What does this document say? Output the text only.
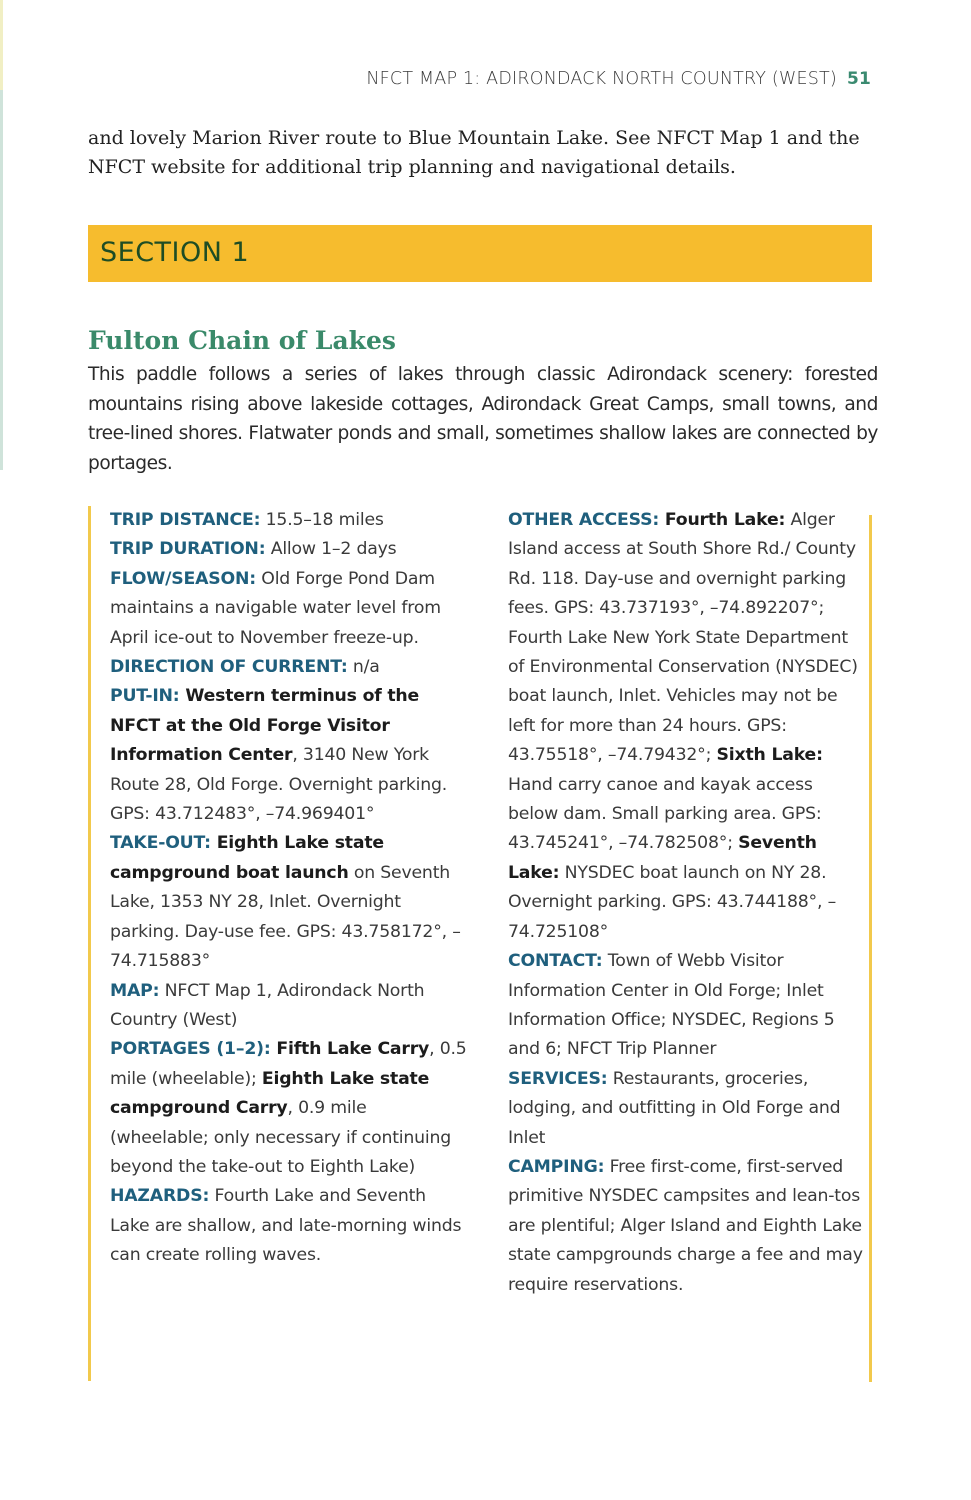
NFCT MAP 1: ADIRONDACK NORTH COUNTRY (WEST) 51

and lovely Marion River route to Blue Mountain Lake. See NFCT Map 1 and the NFCT website for additional trip planning and navigational details.

SECTION 1
Fulton Chain of Lakes

This paddle follows a series of lakes through classic Adirondack scenery: forested mountains rising above lakeside cottages, Adirondack Great Camps, small towns, and tree-lined shores. Flatwater ponds and small, sometimes shallow lakes are connected by portages.

TRIP DISTANCE: 15.5–18 miles

TRIP DURATION: Allow 1–2 days

FLOW/SEASON: Old Forge Pond Dam maintains a navigable water level from April ice-out to November freeze-up.

DIRECTION OF CURRENT: n/a

PUT-IN: Western terminus of the NFCT at the Old Forge Visitor Information Center, 3140 New York Route 28, Old Forge. Overnight parking. GPS: 43.712483°, –74.969401°

TAKE-OUT: Eighth Lake state campground boat launch on Seventh Lake, 1353 NY 28, Inlet. Overnight parking. Day-use fee. GPS: 43.758172°, –74.715883°

MAP: NFCT Map 1, Adirondack North Country (West)

PORTAGES (1–2): Fifth Lake Carry, 0.5 mile (wheelable); Eighth Lake state campground Carry, 0.9 mile (wheelable; only necessary if continuing beyond the take-out to Eighth Lake)

HAZARDS: Fourth Lake and Seventh Lake are shallow, and late-morning winds can create rolling waves.

OTHER ACCESS: Fourth Lake: Alger Island access at South Shore Rd./ County Rd. 118. Day-use and overnight parking fees. GPS: 43.737193°, –74.892207°; Fourth Lake New York State Department of Environmental Conservation (NYSDEC) boat launch, Inlet. Vehicles may not be left for more than 24 hours. GPS: 43.75518°, –74.79432°; Sixth Lake: Hand carry canoe and kayak access below dam. Small parking area. GPS: 43.745241°, –74.782508°; Seventh Lake: NYSDEC boat launch on NY 28. Overnight parking. GPS: 43.744188°, –74.725108°

CONTACT: Town of Webb Visitor Information Center in Old Forge; Inlet Information Office; NYSDEC, Regions 5 and 6; NFCT Trip Planner

SERVICES: Restaurants, groceries, lodging, and outfitting in Old Forge and Inlet

CAMPING: Free first-come, first-served primitive NYSDEC campsites and lean-tos are plentiful; Alger Island and Eighth Lake state campgrounds charge a fee and may require reservations.
